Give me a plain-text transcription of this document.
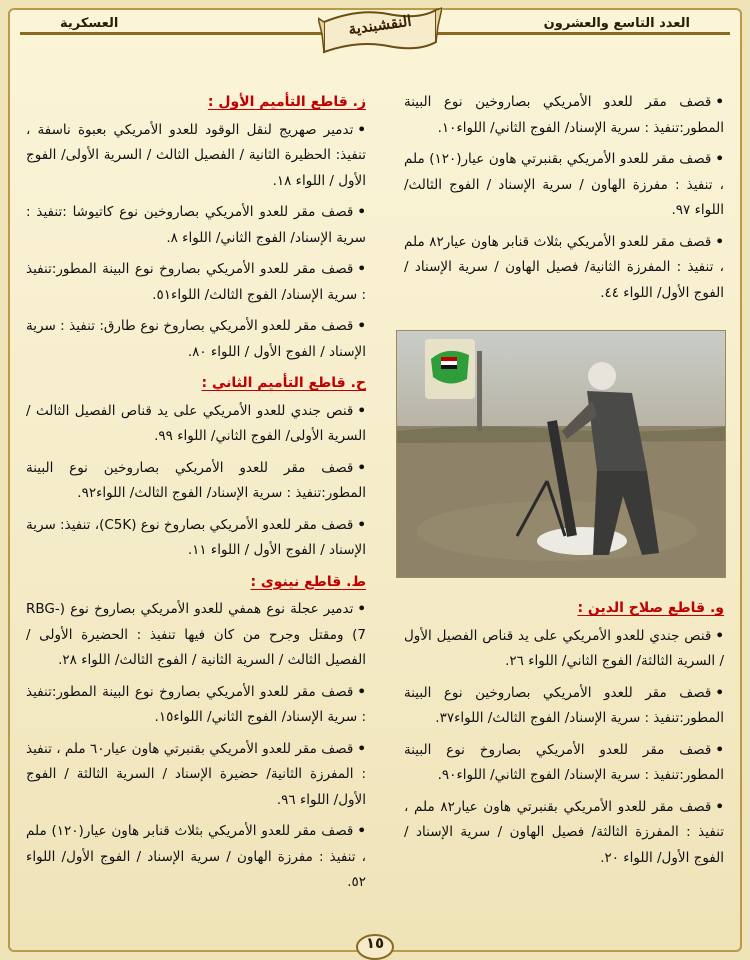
العسكرية	العدد التاسع والعشرون
النقشبندية
•قصف مقر للعدو الأمريكي بصاروخين نوع البينة المطور:تنفيذ : سرية الإسناد/ الفوج الثاني/ اللواء١٠.
•قصف مقر للعدو الأمريكي بقنبرتي هاون عيار(١٢٠) ملم ، تنفيذ : مفرزة الهاون / سرية الإسناد / الفوج الثالث/ اللواء ٩٧.
•قصف مقر للعدو الأمريكي بثلاث قنابر هاون عيار٨٢ ملم ، تنفيذ : المفرزة الثانية/ فصيل الهاون / سرية الإسناد / الفوج الأول/ اللواء ٤٤.
و. قاطع صلاح الدين :
•قنص جندي للعدو الأمريكي على يد قناص الفصيل الأول / السرية الثالثة/ الفوج الثاني/ اللواء ٢٦.
•قصف مقر للعدو الأمريكي بصاروخين نوع البينة المطور:تنفيذ : سرية الإسناد/ الفوج الثالث/ اللواء٣٧.
•قصف مقر للعدو الأمريكي بصاروخ نوع البينة المطور:تنفيذ : سرية الإسناد/ الفوج الثاني/ اللواء٩٠.
•قصف مقر للعدو الأمريكي بقنبرتي هاون عيار٨٢ ملم ، تنفيذ : المفرزة الثالثة/ فصيل الهاون / سرية الإسناد / الفوج الأول/ اللواء ٢٠.
ز. قاطع التأميم الأول :
•تدمير صهريج لنقل الوقود للعدو الأمريكي بعبوة ناسفة ، تنفيذ: الحظيرة الثانية / الفصيل الثالث / السرية الأولى/ الفوج الأول / اللواء ١٨.
•قصف مقر للعدو الأمريكي بصاروخين نوع كاتيوشا :تنفيذ : سرية الإسناد/ الفوج الثاني/ اللواء ٨.
•قصف مقر للعدو الأمريكي بصاروخ نوع البينة المطور:تنفيذ : سرية الإسناد/ الفوج الثالث/ اللواء٥١.
•قصف مقر للعدو الأمريكي بصاروخ نوع طارق: تنفيذ : سرية الإسناد / الفوج الأول / اللواء ٨٠.
ح. قاطع التأميم الثاني :
•قنص جندي للعدو الأمريكي على يد قناص الفصيل الثالث / السرية الأولى/ الفوج الثاني/ اللواء ٩٩.
•قصف مقر للعدو الأمريكي بصاروخين نوع البينة المطور:تنفيذ : سرية الإسناد/ الفوج الثالث/ اللواء٩٢.
•قصف مقر للعدو الأمريكي بصاروخ نوع (C5K)، تنفيذ: سرية الإسناد / الفوج الأول / اللواء ١١.
ط. قاطع نينوى :
•تدمير عجلة نوع همفي للعدو الأمريكي بصاروخ نوع (RBG-7) ومقتل وجرح من كان فيها تنفيذ : الحضيرة الأولى / الفصيل الثالث / السرية الثانية / الفوج الثالث/ اللواء ٢٨.
•قصف مقر للعدو الأمريكي بصاروخ نوع البينة المطور:تنفيذ : سرية الإسناد/ الفوج الثاني/ اللواء١٥.
•قصف مقر للعدو الأمريكي بقنبرتي هاون عيار٦٠ ملم ، تنفيذ : المفرزة الثانية/ حضيرة الإسناد / السرية الثالثة / الفوج الأول/ اللواء ٩٦.
•قصف مقر للعدو الأمريكي بثلاث قنابر هاون عيار(١٢٠) ملم ، تنفيذ : مفرزة الهاون / سرية الإسناد / الفوج الأول/ اللواء ٥٢.
١٥
